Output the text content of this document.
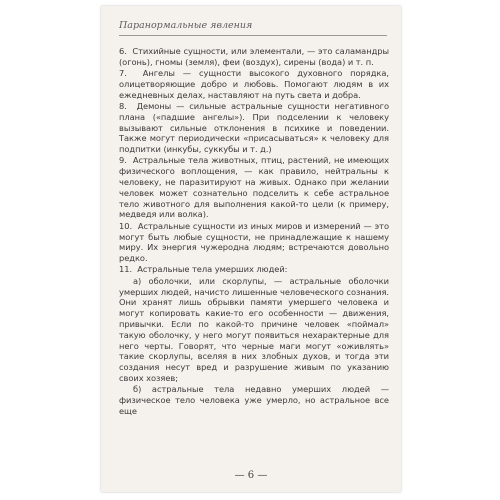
Паранормальные явления

6.  Стихийные сущности, или элементали, — это саламандры (огонь), гномы (земля), феи (воздух), сирены (вода) и т. п.

7.  Ангелы — сущности высокого духовного порядка, олицетворяющие добро и любовь. Помогают людям в их ежедневных делах, наставляют на путь света и добра.

8.  Демоны — сильные астральные сущности негативного плана («падшие ангелы»). При подселении к человеку вызывают сильные отклонения в психике и поведении. Также могут периодически «присасываться» к человеку для подпитки (инкубы, суккубы и т. д.)

9.  Астральные тела животных, птиц, растений, не имеющих физического воплощения, — как правило, нейтральны к человеку, не паразитируют на живых. Однако при желании человек может сознательно подселить к себе астральное тело животного для выполнения какой-то цели (к примеру, медведя или волка).

10.  Астральные сущности из иных миров и измерений — это могут быть любые сущности, не принадлежащие к нашему миру. Их энергия чужеродна людям; встречаются довольно редко.

11.  Астральные тела умерших людей:

а) оболочки, или скорлупы, — астральные оболочки умерших людей, начисто лишенные человеческого сознания. Они хранят лишь обрывки памяти умершего человека и могут копировать какие-то его особенности — движения, привычки. Если по какой-то причине человек «поймал» такую оболочку, у него могут появиться нехарактерные для него черты. Говорят, что черные маги могут «оживлять» такие скорлупы, вселяя в них злобных духов, и тогда эти создания несут вред и разрушение живым по указанию своих хозяев;

б) астральные тела недавно умерших людей — физическое тело человека уже умерло, но астральное все еще

— 6 —
